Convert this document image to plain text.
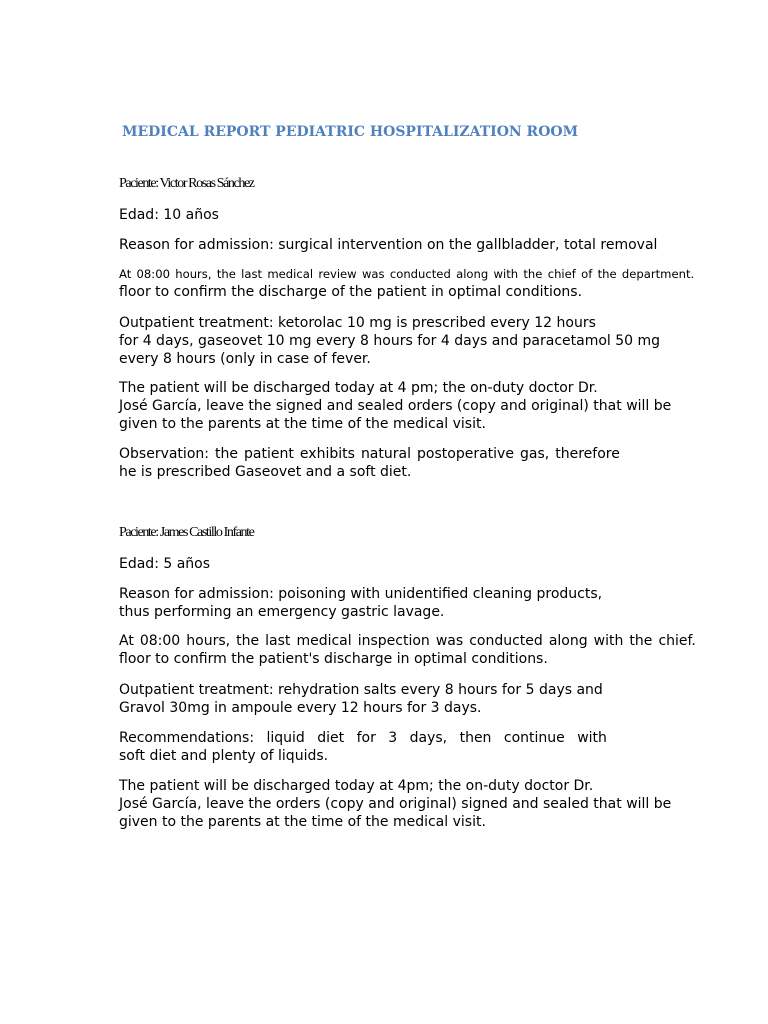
MEDICAL REPORT PEDIATRIC HOSPITALIZATION ROOM
Paciente: Victor Rosas Sánchez
Edad: 10 años
Reason for admission: surgical intervention on the gallbladder, total removal
At 08:00 hours, the last medical review was conducted along with the chief of the department.
floor to confirm the discharge of the patient in optimal conditions.
Outpatient treatment: ketorolac 10 mg is prescribed every 12 hours
for 4 days, gaseovet 10 mg every 8 hours for 4 days and paracetamol 50 mg
every 8 hours (only in case of fever.
The patient will be discharged today at 4 pm; the on-duty doctor Dr.
José García, leave the signed and sealed orders (copy and original) that will be
given to the parents at the time of the medical visit.
Observation: the patient exhibits natural postoperative gas, therefore
he is prescribed Gaseovet and a soft diet.
Paciente: James Castillo Infante
Edad: 5 años
Reason for admission: poisoning with unidentified cleaning products,
thus performing an emergency gastric lavage.
At 08:00 hours, the last medical inspection was conducted along with the chief.
floor to confirm the patient's discharge in optimal conditions.
Outpatient treatment: rehydration salts every 8 hours for 5 days and
Gravol 30mg in ampoule every 12 hours for 3 days.
Recommendations: liquid diet for 3 days, then continue with
soft diet and plenty of liquids.
The patient will be discharged today at 4pm; the on-duty doctor Dr.
José García, leave the orders (copy and original) signed and sealed that will be
given to the parents at the time of the medical visit.
